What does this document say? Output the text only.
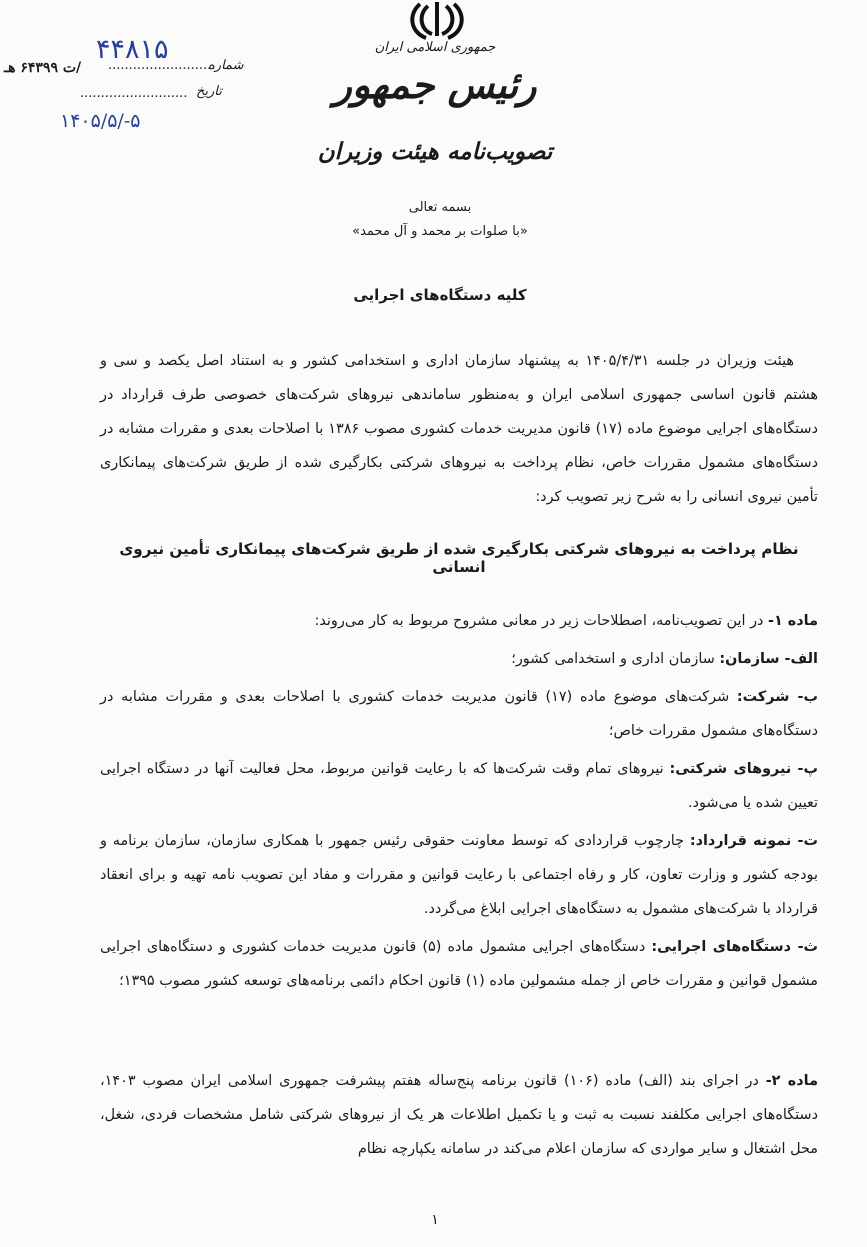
جمهوری اسلامی ایران
رئیس جمهور
تصویب‌نامه هیئت وزیران
شماره
..........................
۴۴۸۱۵
/ت ۶۴۳۹۹ هـ
تاریخ
..........................
۱۴۰۵/۵/-۵
بسمه تعالی
«با صلوات بر محمد و آل محمد»
کلیه دستگاه‌های اجرایی
هیئت وزیران در جلسه ۱۴۰۵/۴/۳۱ به پیشنهاد سازمان اداری و استخدامی کشور و به استناد اصل یکصد و سی و هشتم قانون اساسی جمهوری اسلامی ایران و به‌منظور ساماندهی نیروهای شرکت‌های خصوصی طرف قرارداد در دستگاه‌های اجرایی موضوع ماده (۱۷) قانون مدیریت خدمات کشوری مصوب ۱۳۸۶ با اصلاحات بعدی و مقررات مشابه در دستگاه‌های مشمول مقررات خاص، نظام پرداخت به نیروهای شرکتی بکارگیری شده از طریق شرکت‌های پیمانکاری تأمین نیروی انسانی را به شرح زیر تصویب کرد:
نظام پرداخت به نیروهای شرکتی بکارگیری شده از طریق شرکت‌های پیمانکاری تأمین نیروی انسانی

ماده ۱- در این تصویب‌نامه، اصطلاحات زیر در معانی مشروح مربوط به کار می‌روند:

الف- سازمان: سازمان اداری و استخدامی کشور؛

ب- شرکت: شرکت‌های موضوع ماده (۱۷) قانون مدیریت خدمات کشوری با اصلاحات بعدی و مقررات مشابه در دستگاه‌های مشمول مقررات خاص؛

پ- نیروهای شرکتی: نیروهای تمام وقت شرکت‌ها که با رعایت قوانین مربوط، محل فعالیت آنها در دستگاه اجرایی تعیین شده یا می‌شود.

ت- نمونه قرارداد: چارچوب قراردادی که توسط معاونت حقوقی رئیس جمهور با همکاری سازمان، سازمان برنامه و بودجه کشور و وزارت تعاون، کار و رفاه اجتماعی با رعایت قوانین و مقررات و مفاد این تصویب نامه تهیه و برای انعقاد قرارداد با شرکت‌های مشمول به دستگاه‌های اجرایی ابلاغ می‌گردد.

ث- دستگاه‌های اجرایی: دستگاه‌های اجرایی مشمول ماده (۵) قانون مدیریت خدمات کشوری و دستگاه‌های اجرایی مشمول قوانین و مقررات خاص از جمله مشمولین ماده (۱) قانون احکام دائمی برنامه‌های توسعه کشور مصوب ۱۳۹۵؛

ماده ۲- در اجرای بند (الف) ماده (۱۰۶) قانون برنامه پنج‌ساله هفتم پیشرفت جمهوری اسلامی ایران مصوب ۱۴۰۳، دستگاه‌های اجرایی مکلفند نسبت به ثبت و یا تکمیل اطلاعات هر یک از نیروهای شرکتی شامل مشخصات فردی، شغل، محل اشتغال و سایر مواردی که سازمان اعلام می‌کند در سامانه یکپارچه نظام

۱
